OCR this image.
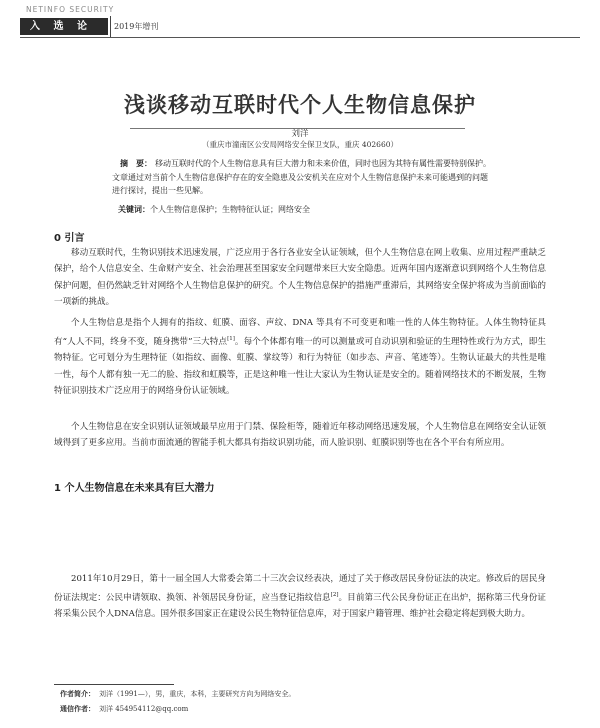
NETINFO SECURITY
入 选 论 文
2019年增刊
浅谈移动互联时代个人生物信息保护
刘洋
（重庆市潼南区公安局网络安全保卫支队，重庆 402660）
摘　要： 移动互联时代的个人生物信息具有巨大潜力和未来价值，同时也因为其特有属性需要特别保护。文章通过对当前个人生物信息保护存在的安全隐患及公安机关在应对个人生物信息保护未来可能遇到的问题进行探讨，提出一些见解。
关键词：个人生物信息保护；生物特征认证；网络安全
0 引言
移动互联时代，生物识别技术迅速发展，广泛应用于各行各业安全认证领域，但个人生物信息在网上收集、应用过程严重缺乏保护，给个人信息安全、生命财产安全、社会治理甚至国家安全问题带来巨大安全隐患。近两年国内逐渐意识到网络个人生物信息保护问题，但仍然缺乏针对网络个人生物信息保护的研究。个人生物信息保护的措施严重滞后，其网络安全保护将成为当前面临的一项新的挑战。
个人生物信息是指个人拥有的指纹、虹膜、面容、声纹、DNA 等具有不可变更和唯一性的人体生物特征。人体生物特征具有“人人不同，终身不变，随身携带”三大特点[1]。每个个体都有唯一的可以测量或可自动识别和验证的生理特性或行为方式，即生物特征。它可划分为生理特征（如指纹、面像、虹膜、掌纹等）和行为特征（如步态、声音、笔迹等）。生物认证最大的共性是唯一性，每个人都有独一无二的脸、指纹和虹膜等，正是这种唯一性让大家认为生物认证是安全的。随着网络技术的不断发展，生物特征识别技术广泛应用于的网络身份认证领域。
个人生物信息在安全识别认证领域最早应用于门禁、保险柜等，随着近年移动网络迅速发展，个人生物信息在网络安全认证领域得到了更多应用。当前市面流通的智能手机大都具有指纹识别功能，而人脸识别、虹膜识别等也在各个平台有所应用。
1 个人生物信息在未来具有巨大潜力
2011年10月29日，第十一届全国人大常委会第二十三次会议经表决，通过了关于修改居民身份证法的决定。修改后的居民身份证法规定：公民申请领取、换领、补领居民身份证，应当登记指纹信息[2]。目前第三代公民身份证正在出炉，据称第三代身份证将采集公民个人DNA信息。国外很多国家正在建设公民生物特征信息库，对于国家户籍管理、维护社会稳定将起到极大助力。
作者简介： 刘洋（1991—），男，重庆，本科，主要研究方向为网络安全。
通信作者： 刘洋 454954112@qq.com
